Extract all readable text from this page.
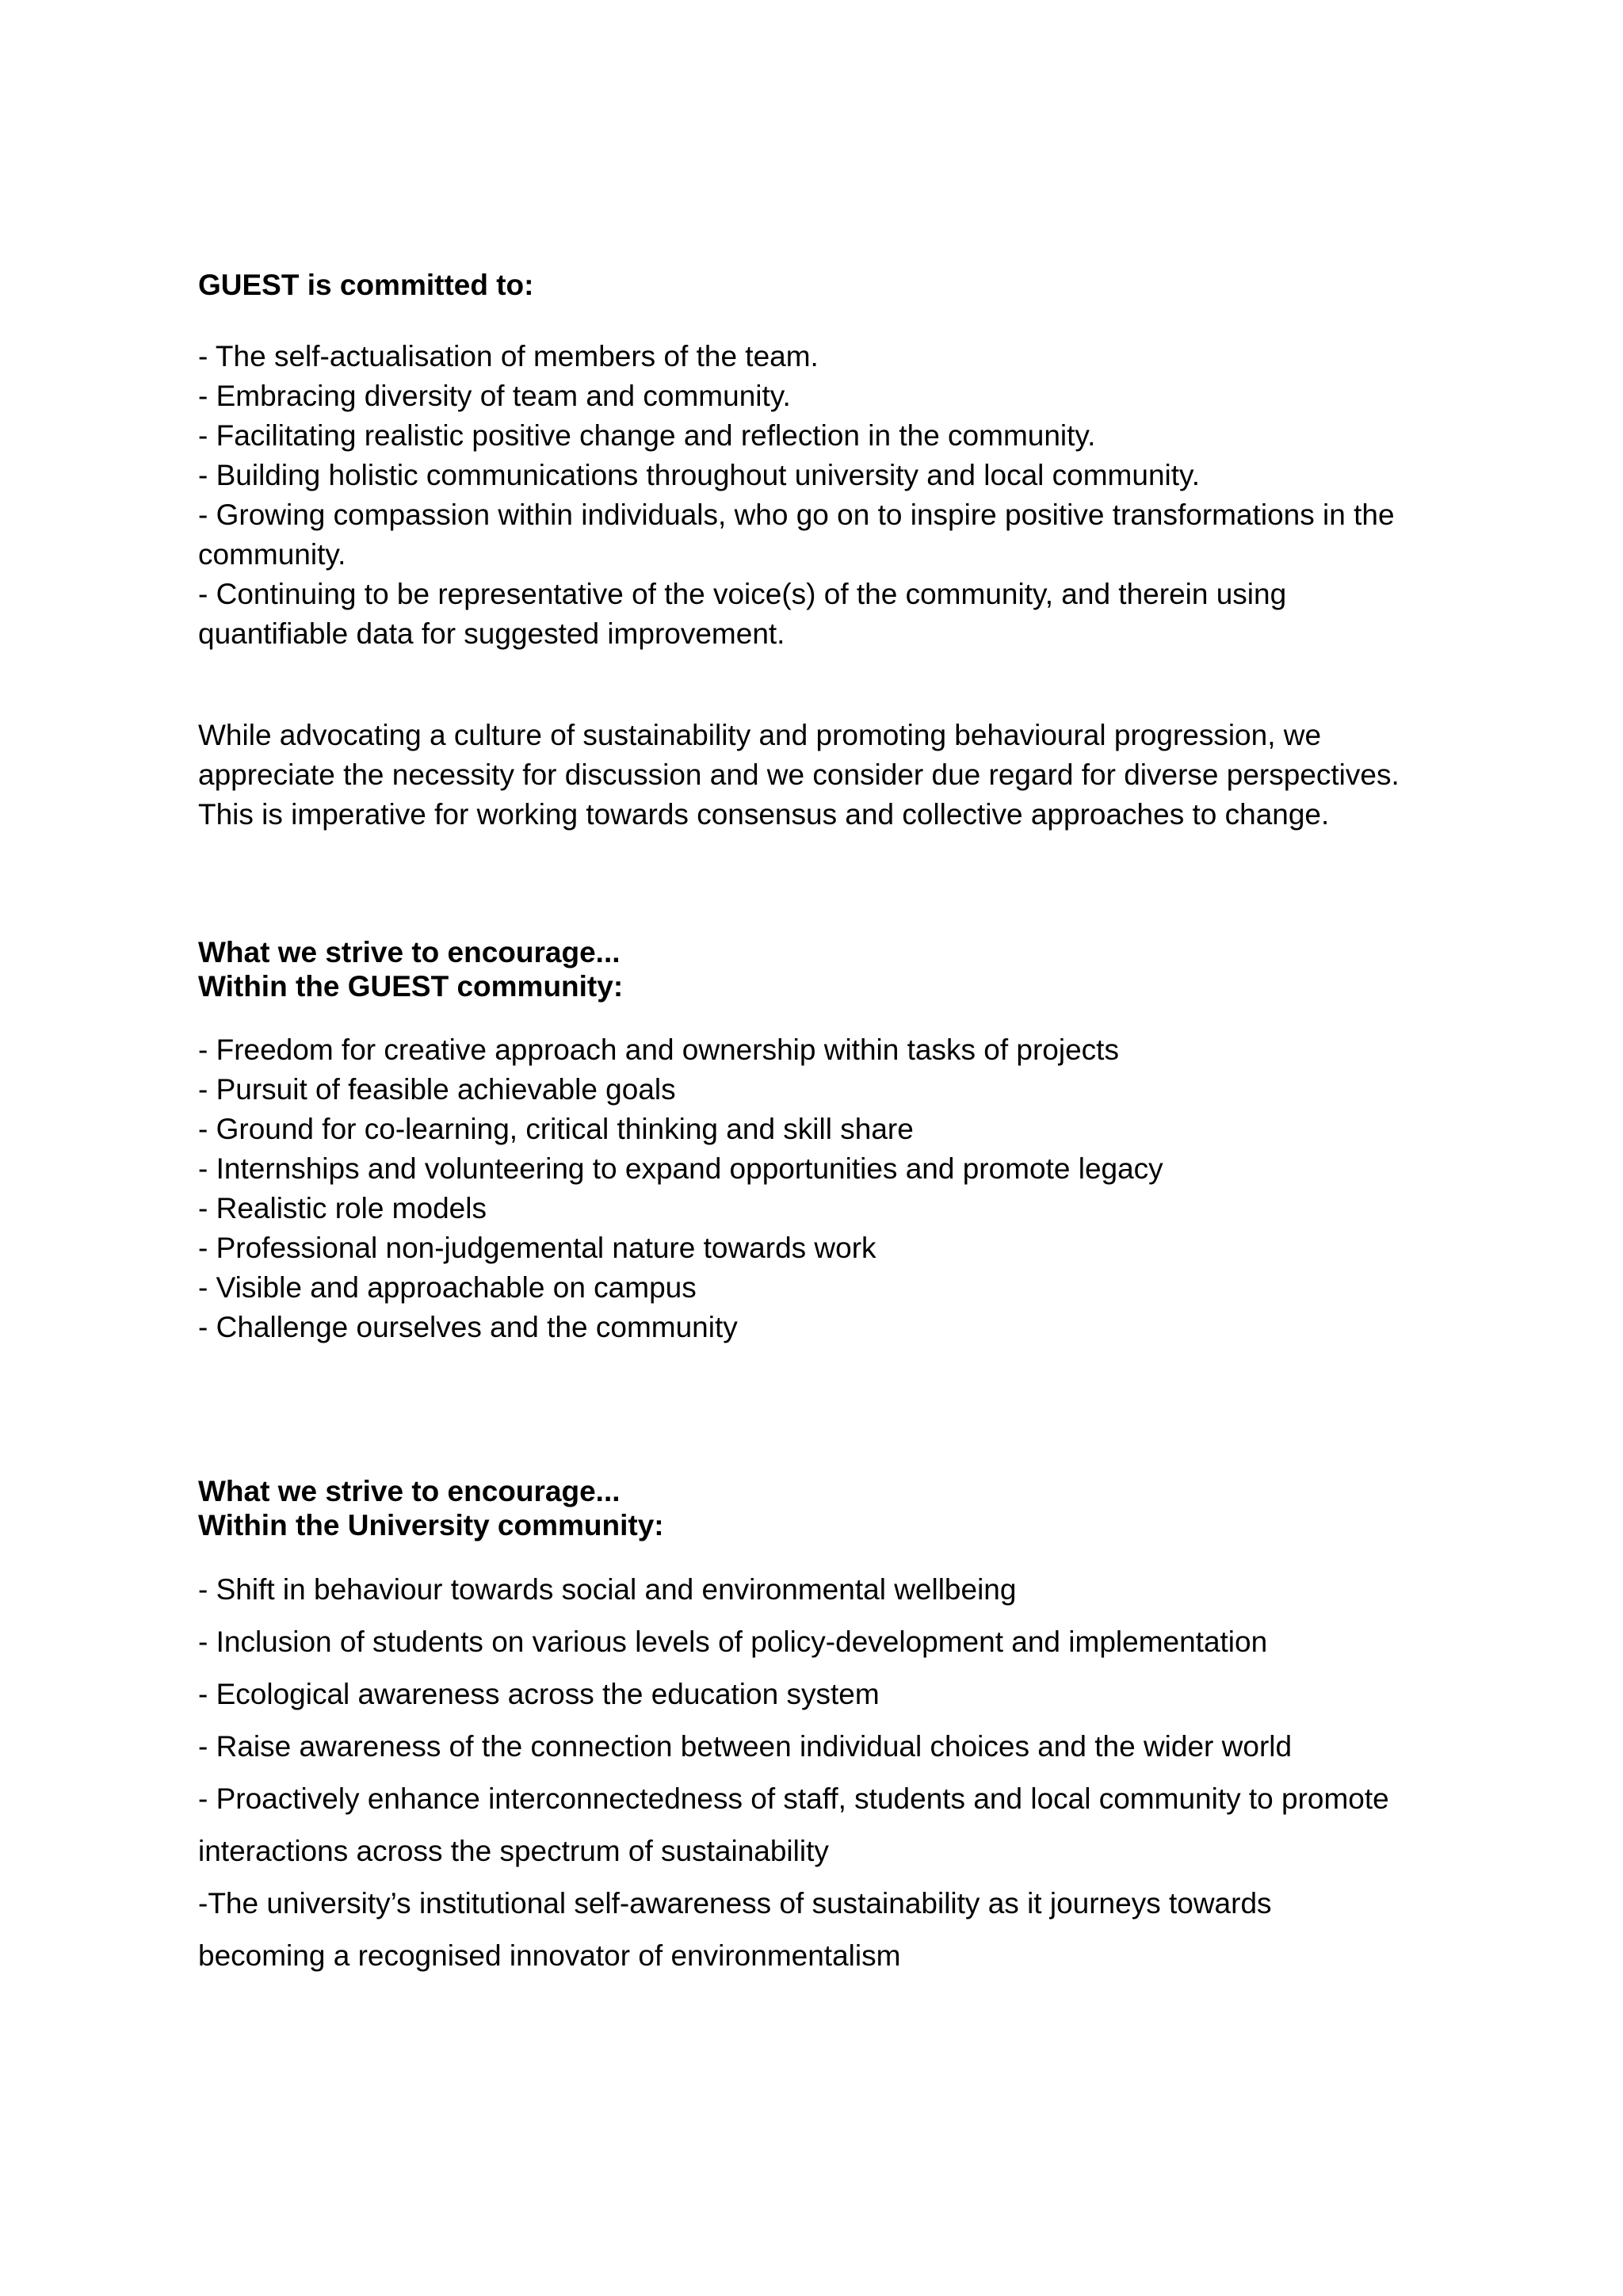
GUEST is committed to:

- The self-actualisation of members of the team.

- Embracing diversity of team and community.

- Facilitating realistic positive change and reflection in the community.

- Building holistic communications throughout university and local community.

- Growing compassion within individuals, who go on to inspire positive transformations in the

community.

- Continuing to be representative of the voice(s) of the community, and therein using

quantifiable data for suggested improvement.

While advocating a culture of sustainability and promoting behavioural progression, we

appreciate the necessity for discussion and we consider due regard for diverse perspectives.

This is imperative for working towards consensus and collective approaches to change.

What we strive to encourage...

Within the GUEST community:

- Freedom for creative approach and ownership within tasks of projects

- Pursuit of feasible achievable goals

- Ground for co-learning, critical thinking and skill share

- Internships and volunteering to expand opportunities and promote legacy

- Realistic role models

- Professional non-judgemental nature towards work

- Visible and approachable on campus

- Challenge ourselves and the community

What we strive to encourage...

Within the University community:

- Shift in behaviour towards social and environmental wellbeing

- Inclusion of students on various levels of policy-development and implementation

- Ecological awareness across the education system

- Raise awareness of the connection between individual choices and the wider world

- Proactively enhance interconnectedness of staff, students and local community to promote

interactions across the spectrum of sustainability

-The university’s institutional self-awareness of sustainability as it journeys towards

becoming a recognised innovator of environmentalism
